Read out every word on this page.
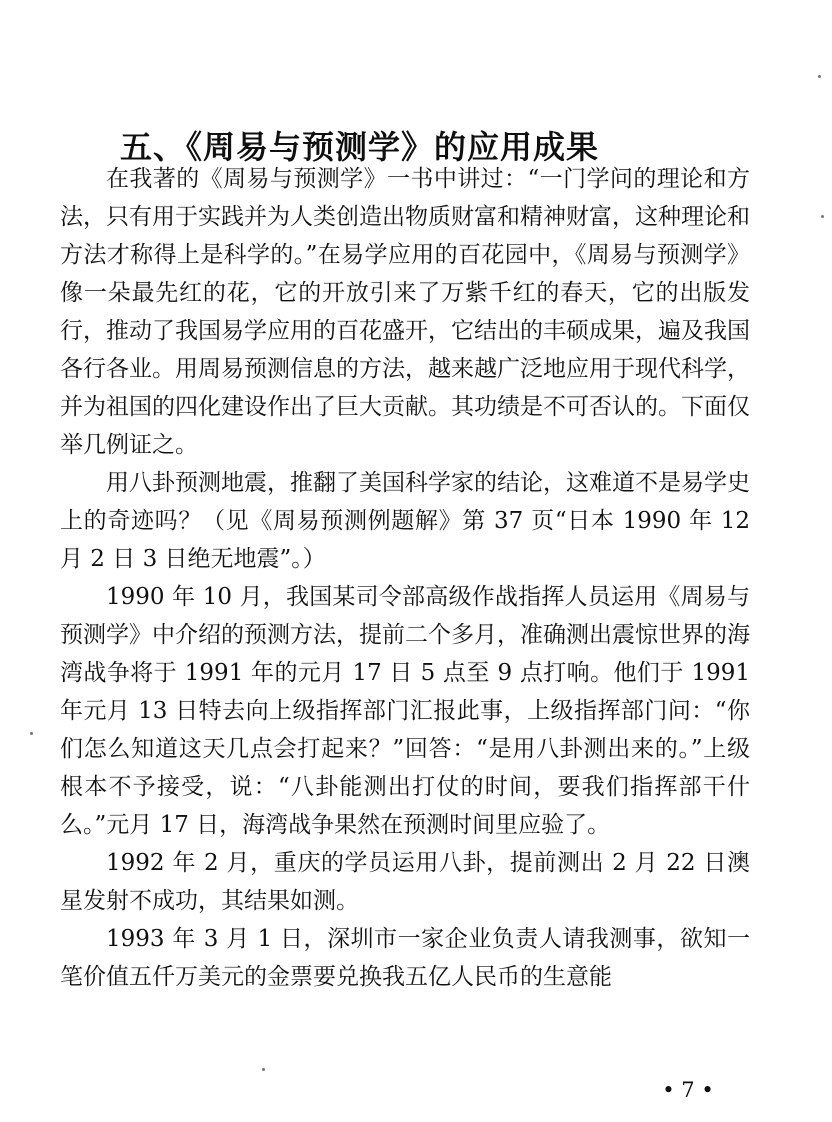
五、《周易与预测学》的应用成果

在我著的《周易与预测学》一书中讲过：“一门学问的理论和方法，只有用于实践并为人类创造出物质财富和精神财富，这种理论和方法才称得上是科学的。”在易学应用的百花园中，《周易与预测学》像一朵最先红的花，它的开放引来了万紫千红的春天，它的出版发行，推动了我国易学应用的百花盛开，它结出的丰硕成果，遍及我国各行各业。用周易预测信息的方法，越来越广泛地应用于现代科学，并为祖国的四化建设作出了巨大贡献。其功绩是不可否认的。下面仅举几例证之。

用八卦预测地震，推翻了美国科学家的结论，这难道不是易学史上的奇迹吗？（见《周易预测例题解》第 37 页“日本 1990 年 12 月 2 日 3 日绝无地震”。）

1990 年 10 月，我国某司令部高级作战指挥人员运用《周易与预测学》中介绍的预测方法，提前二个多月，准确测出震惊世界的海湾战争将于 1991 年的元月 17 日 5 点至 9 点打响。他们于 1991 年元月 13 日特去向上级指挥部门汇报此事，上级指挥部门问：“你们怎么知道这天几点会打起来？”回答：“是用八卦测出来的。”上级根本不予接受，说：“八卦能测出打仗的时间，要我们指挥部干什么。”元月 17 日，海湾战争果然在预测时间里应验了。

1992 年 2 月，重庆的学员运用八卦，提前测出 2 月 22 日澳星发射不成功，其结果如测。

1993 年 3 月 1 日，深圳市一家企业负责人请我测事，欲知一笔价值五仟万美元的金票要兑换我五亿人民币的生意能

• 7 •
